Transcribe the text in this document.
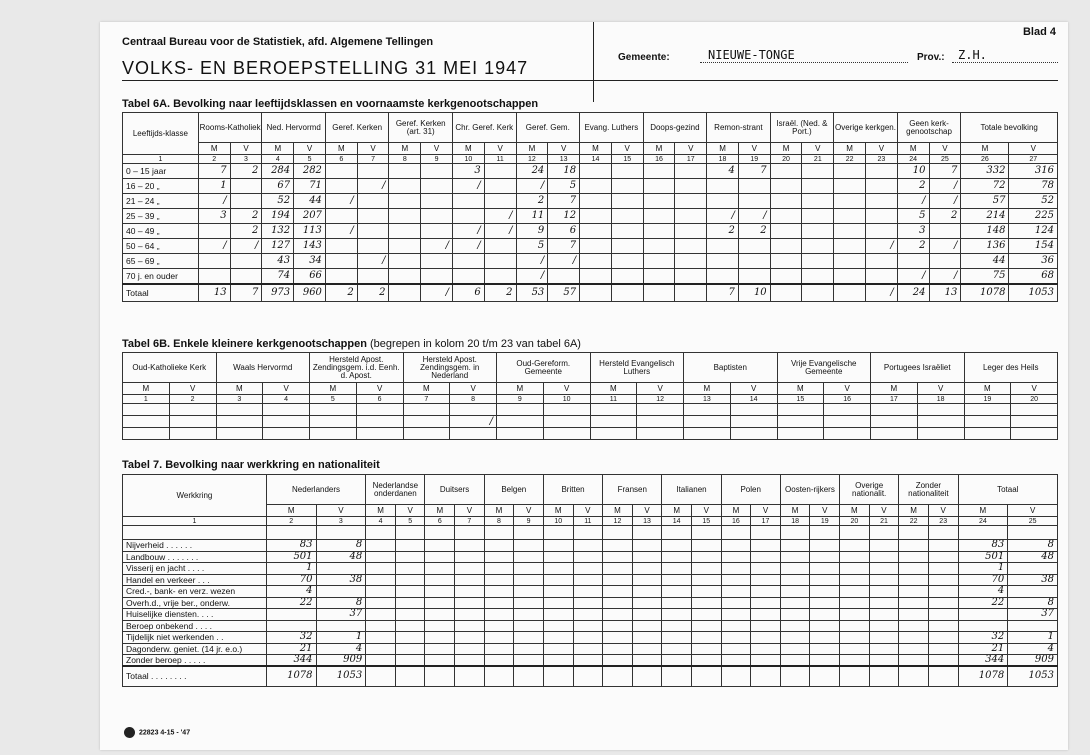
Blad 4
Centraal Bureau voor de Statistiek, afd. Algemene Tellingen
VOLKS- EN BEROEPSTELLING 31 MEI 1947
Gemeente:	NIEUWE-TONGE	Prov.:	Z.H.
Tabel 6A. Bevolking naar leeftijdsklassen en voornaamste kerkgenootschappen
Leeftijds-klasse	Rooms-Katholiek		Ned. Hervormd		Geref. Kerken		Geref. Kerken (art. 31)		Chr. Geref. Kerk		Geref. Gem.		Evang. Luthers		Doops-gezind		Remon-strant		Israël. (Ned. & Port.)		Overige kerkgen.		Geen kerk-genootschap		Totale bevolking	
	M	V	M	V	M	V	M	V	M	V	M	V	M	V	M	V	M	V	M	V	M	V	M	V	M	V
1	2	3	4	5	6	7	8	9	10	11	12	13	14	15	16	17	18	19	20	21	22	23	24	25	26	27
0 – 15 jaar	7	2	284	282					3		24	18					4	7					10	7	332	316
16 – 20 „	1		67	71		/			/		/	5											2	/	72	78
21 – 24 „	/		52	44	/						2	7											/	/	57	52
25 – 39 „	3	2	194	207						/	11	12					/	/					5	2	214	225
40 – 49 „		2	132	113	/				/	/	9	6					2	2					3		148	124
50 – 64 „	/	/	127	143				/	/		5	7										/	2	/	136	154
65 – 69 „			43	34		/					/	/													44	36
70 j. en ouder			74	66							/												/	/	75	68
Totaal	13	7	973	960	2	2		/	6	2	53	57					7	10				/	24	13	1078	1053
Tabel 6B. Enkele kleinere kerkgenootschappen (begrepen in kolom 20 t/m 23 van tabel 6A)
Oud-Katholieke Kerk		Waals Hervormd		Hersteld Apost. Zendingsgem. i.d. Eenh. d. Apost.		Hersteld Apost. Zendingsgem. in Nederland		Oud-Gereform. Gemeente		Hersteld Evangelisch Luthers		Baptisten		Vrije Evangelische Gemeente		Portugees Israëliet		Leger des Heils	
M	V	M	V	M	V	M	V	M	V	M	V	M	V	M	V	M	V	M	V
1	2	3	4	5	6	7	8	9	10	11	12	13	14	15	16	17	18	19	20

							/												

Tabel 7. Bevolking naar werkkring en nationaliteit
Werkkring	Nederlanders		Nederlandse onderdanen		Duitsers		Belgen		Britten		Fransen		Italianen		Polen		Oosten-rijkers		Overige nationalit.		Zonder nationaliteit		Totaal	
	M	V	M	V	M	V	M	V	M	V	M	V	M	V	M	V	M	V	M	V	M	V	M	V
1	2	3	4	5	6	7	8	9	10	11	12	13	14	15	16	17	18	19	20	21	22	23	24	25

Nijverheid . . . . . .	83	8																					83	8
Landbouw . . . . . . .	501	48																					501	48
Visserij en jacht . . . .	1																						1	
Handel en verkeer . . .	70	38																					70	38
Cred.-, bank- en verz. wezen	4																						4	
Overh.d., vrije ber., onderw.	22	8																					22	8
Huiselijke diensten. . . .		37																						37
Beroep onbekend . . . .																								
Tijdelijk niet werkenden . .	32	1																					32	1
Dagonderw. geniet. (14 jr. e.o.)	21	4																					21	4
Zonder beroep . . . . .	344	909																					344	909
Totaal . . . . . . . .	1078	1053																					1078	1053
22823 4-15 - '47
